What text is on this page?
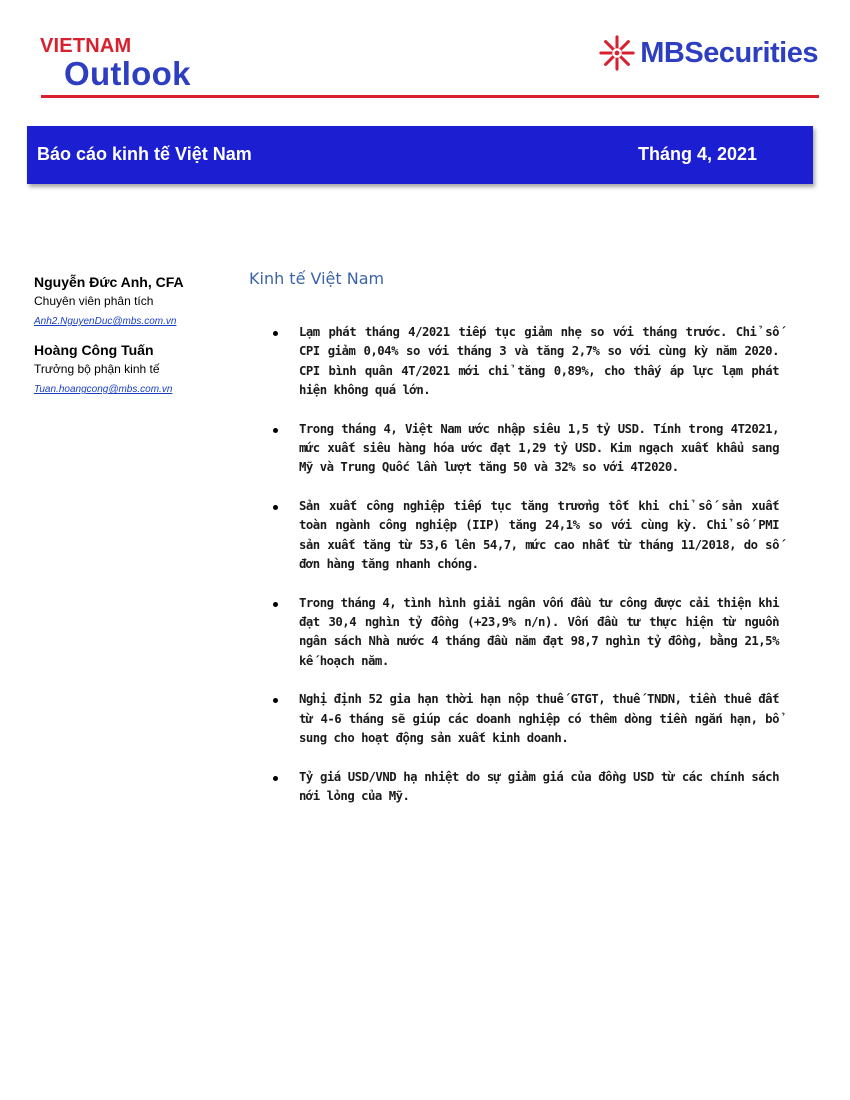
VIETNAM
Outlook
MBSecurities
Báo cáo kinh tế Việt Nam	Tháng 4, 2021
Nguyễn Đức Anh, CFA
Chuyên viên phân tích
Anh2.NguyenDuc@mbs.com.vn
Hoàng Công Tuấn
Trưởng bộ phận kinh tế
Tuan.hoangcong@mbs.com.vn
Kinh tế Việt Nam
Lạm phát tháng 4/2021 tiếp tục giảm nhẹ so với tháng trước. Chỉ số CPI giảm 0,04% so với tháng 3 và tăng 2,7% so với cùng kỳ năm 2020. CPI bình quân 4T/2021 mới chỉ tăng 0,89%, cho thấy áp lực lạm phát hiện không quá lớn.
Trong tháng 4, Việt Nam ước nhập siêu 1,5 tỷ USD. Tính trong 4T2021, mức xuất siêu hàng hóa ước đạt 1,29 tỷ USD. Kim ngạch xuất khẩu sang Mỹ và Trung Quốc lần lượt tăng 50 và 32% so với 4T2020.
Sản xuất công nghiệp tiếp tục tăng trưởng tốt khi chỉ số sản xuất toàn ngành công nghiệp (IIP) tăng 24,1% so với cùng kỳ. Chỉ số PMI sản xuất tăng từ 53,6 lên 54,7, mức cao nhất từ tháng 11/2018, do số đơn hàng tăng nhanh chóng.
Trong tháng 4, tình hình giải ngân vốn đầu tư công được cải thiện khi đạt 30,4 nghìn tỷ đồng (+23,9% n/n). Vốn đầu tư thực hiện từ nguồn ngân sách Nhà nước 4 tháng đầu năm đạt 98,7 nghìn tỷ đồng, bằng 21,5% kế hoạch năm.
Nghị định 52 gia hạn thời hạn nộp thuế GTGT, thuế TNDN, tiền thuê đất từ 4-6 tháng sẽ giúp các doanh nghiệp có thêm dòng tiền ngắn hạn, bổ sung cho hoạt động sản xuất kinh doanh.
Tỷ giá USD/VND hạ nhiệt do sự giảm giá của đồng USD từ các chính sách nới lỏng của Mỹ.
